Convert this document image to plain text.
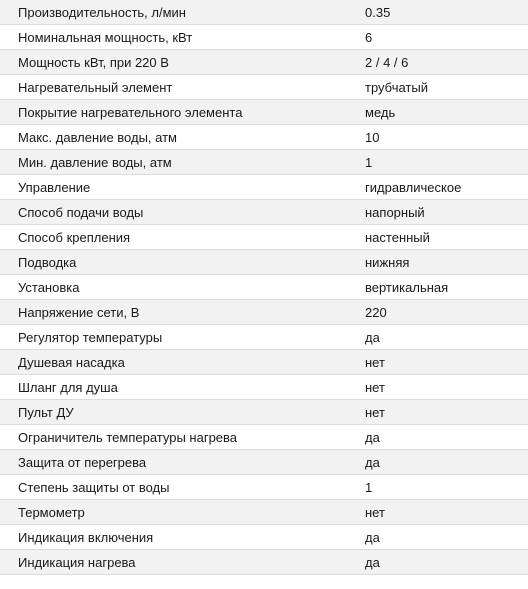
Производительность, л/мин	0.35
Номинальная мощность, кВт	6
Мощность кВт, при 220 В	2 / 4 / 6
Нагревательный элемент	трубчатый
Покрытие нагревательного элемента	медь
Макс. давление воды, атм	10
Мин. давление воды, атм	1
Управление	гидравлическое
Способ подачи воды	напорный
Способ крепления	настенный
Подводка	нижняя
Установка	вертикальная
Напряжение сети, В	220
Регулятор температуры	да
Душевая насадка	нет
Шланг для душа	нет
Пульт ДУ	нет
Ограничитель температуры нагрева	да
Защита от перегрева	да
Степень защиты от воды	1
Термометр	нет
Индикация включения	да
Индикация нагрева	да
